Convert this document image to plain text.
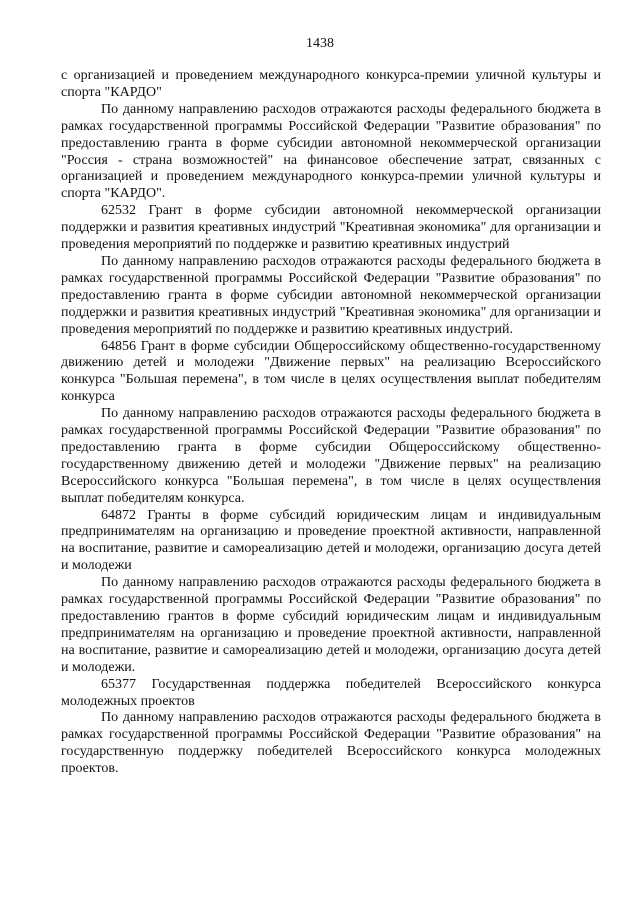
1438

с организацией и проведением международного конкурса-премии уличной культуры и спорта "КАРДО"

По данному направлению расходов отражаются расходы федерального бюджета в рамках государственной программы Российской Федерации "Развитие образования" по предоставлению гранта в форме субсидии автономной некоммерческой организации "Россия - страна возможностей" на финансовое обеспечение затрат, связанных с организацией и проведением международного конкурса-премии уличной культуры и спорта "КАРДО".

62532 Грант в форме субсидии автономной некоммерческой организации поддержки и развития креативных индустрий "Креативная экономика" для организации и проведения мероприятий по поддержке и развитию креативных индустрий

По данному направлению расходов отражаются расходы федерального бюджета в рамках государственной программы Российской Федерации "Развитие образования" по предоставлению гранта в форме субсидии автономной некоммерческой организации поддержки и развития креативных индустрий "Креативная экономика" для организации и проведения мероприятий по поддержке и развитию креативных индустрий.

64856 Грант в форме субсидии Общероссийскому общественно-государственному движению детей и молодежи "Движение первых" на реализацию Всероссийского конкурса "Большая перемена", в том числе в целях осуществления выплат победителям конкурса

По данному направлению расходов отражаются расходы федерального бюджета в рамках государственной программы Российской Федерации "Развитие образования" по предоставлению гранта в форме субсидии Общероссийскому общественно-государственному движению детей и молодежи "Движение первых" на реализацию Всероссийского конкурса "Большая перемена", в том числе в целях осуществления выплат победителям конкурса.

64872 Гранты в форме субсидий юридическим лицам и индивидуальным предпринимателям на организацию и проведение проектной активности, направленной на воспитание, развитие и самореализацию детей и молодежи, организацию досуга детей и молодежи

По данному направлению расходов отражаются расходы федерального бюджета в рамках государственной программы Российской Федерации "Развитие образования" по предоставлению грантов в форме субсидий юридическим лицам и индивидуальным предпринимателям на организацию и проведение проектной активности, направленной на воспитание, развитие и самореализацию детей и молодежи, организацию досуга детей и молодежи.

65377 Государственная поддержка победителей Всероссийского конкурса молодежных проектов

По данному направлению расходов отражаются расходы федерального бюджета в рамках государственной программы Российской Федерации "Развитие образования" на государственную поддержку победителей Всероссийского конкурса молодежных проектов.
